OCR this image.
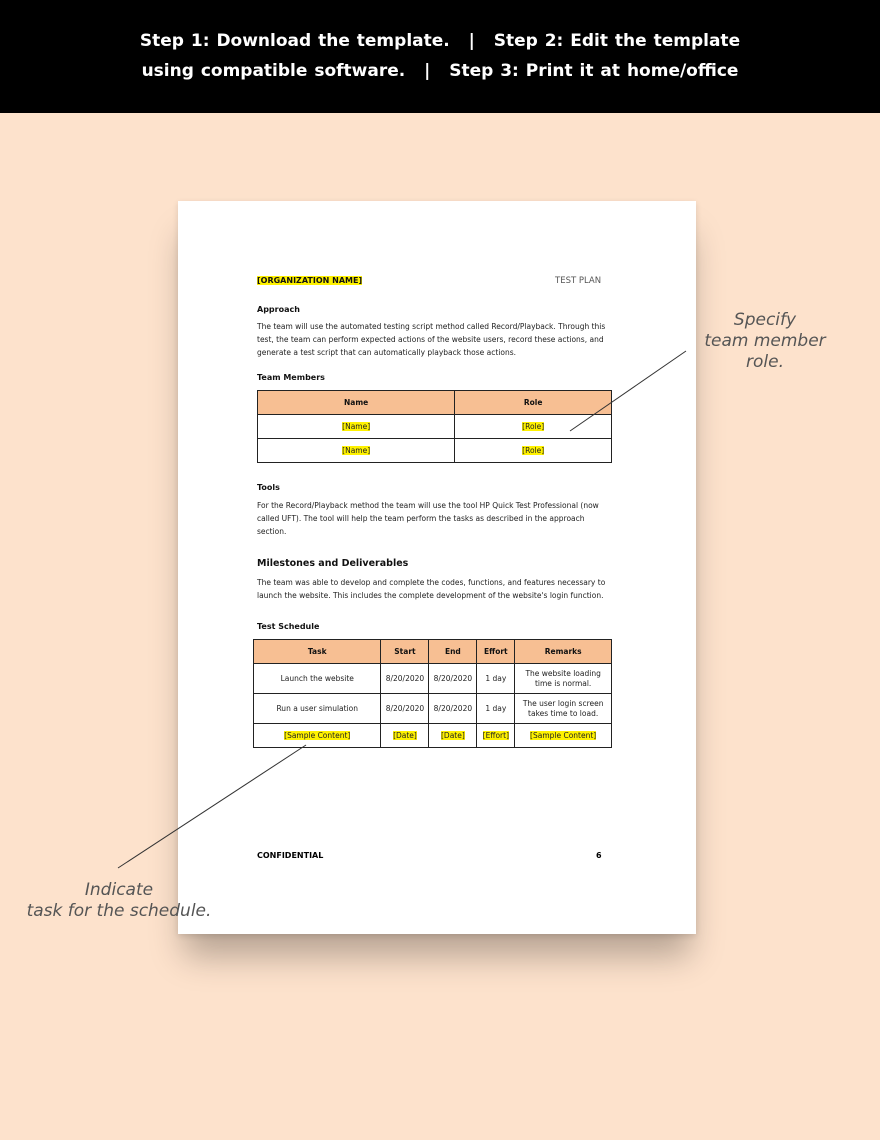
Step 1: Download the template. | Step 2: Edit the template
using compatible software. | Step 3: Print it at home/office
[ORGANIZATION NAME]	TEST PLAN
Approach
The team will use the automated testing script method called Record/Playback. Through this
test, the team can perform expected actions of the website users, record these actions, and
generate a test script that can automatically playback those actions.
Team Members
Name	Role
[Name]	[Role]
[Name]	[Role]
Tools
For the Record/Playback method the team will use the tool HP Quick Test Professional (now
called UFT). The tool will help the team perform the tasks as described in the approach
section.
Milestones and Deliverables
The team was able to develop and complete the codes, functions, and features necessary to
launch the website. This includes the complete development of the website's login function.
Test Schedule
Task	Start	End	Effort	Remarks
Launch the website	8/20/2020	8/20/2020	1 day	The website loading
time is normal.

Run a user simulation	8/20/2020	8/20/2020	1 day	The user login screen
takes time to load.

[Sample Content]	[Date]	[Date]	[Effort]	[Sample Content]
CONFIDENTIAL	6
Specify
team member
role.
Indicate
task for the schedule.
